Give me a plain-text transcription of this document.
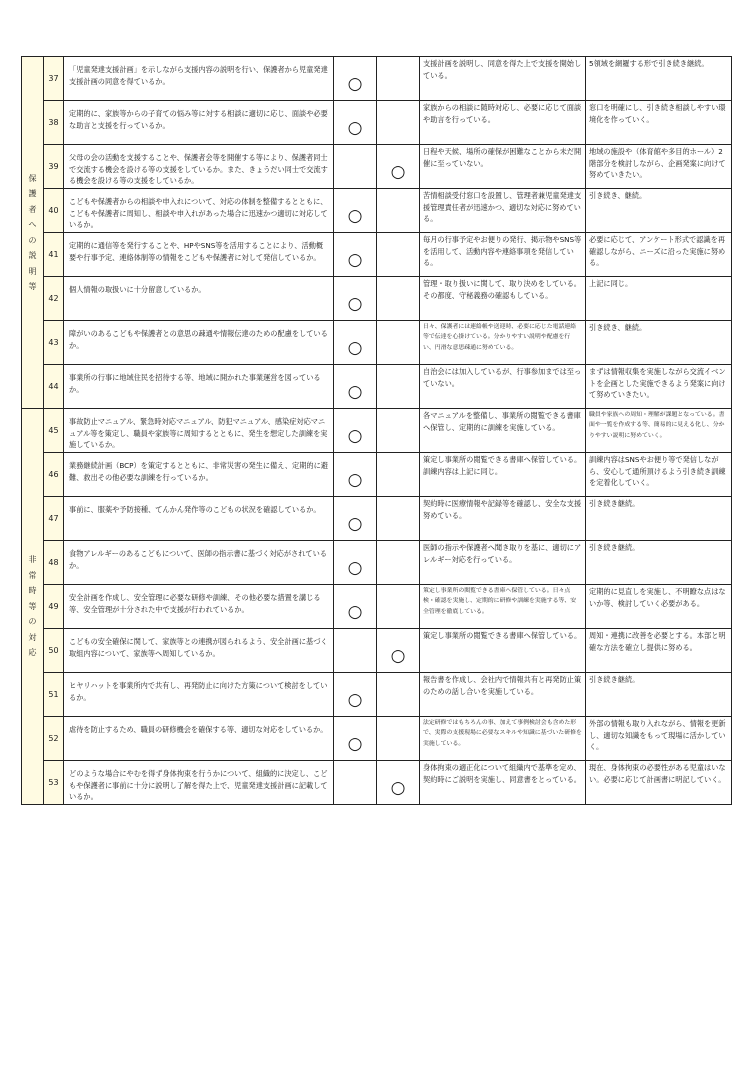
保護者への説明等	37	「児童発達支援計画」を示しながら支援内容の説明を行い、保護者から児童発達支援計画の同意を得ているか。	○		支援計画を説明し、同意を得た上で支援を開始している。	5領域を網羅する形で引き続き継続。
	38	定期的に、家族等からの子育ての悩み等に対する相談に適切に応じ、面談や必要な助言と支援を行っているか。	○		家族からの相談に随時対応し、必要に応じて面談や助言を行っている。	窓口を明確にし、引き続き相談しやすい環境化を作っていく。
	39	父母の会の活動を支援することや、保護者会等を開催する等により、保護者同士で交流する機会を設ける等の支援をしているか。また、きょうだい同士で交流する機会を設ける等の支援をしているか。		○	日程や天候、場所の確保が困難なことから未だ開催に至っていない。	地域の施設や（体育館や多目的ホール）2階部分を検討しながら、企画発案に向けて努めていきたい。
	40	こどもや保護者からの相談や申入れについて、対応の体制を整備するとともに、こどもや保護者に周知し、相談や申入れがあった場合に迅速かつ適切に対応しているか。	○		苦情相談受付窓口を設置し、管理者兼児童発達支援管理責任者が迅速かつ、適切な対応に努めている。	引き続き、継続。
	41	定期的に通信等を発行することや、HPやSNS等を活用することにより、活動概要や行事予定、連絡体制等の情報をこどもや保護者に対して発信しているか。	○		毎月の行事予定やお便りの発行、掲示物やSNS等を活用して、活動内容や連絡事項を発信している。	必要に応じて、アンケート形式で認識を再確認しながら、ニーズに沿った実施に努める。
	42	個人情報の取扱いに十分留意しているか。	○		管理・取り扱いに関して、取り決めをしている。その都度、守秘義務の確認もしている。	上記に同じ。
	43	障がいのあるこどもや保護者との意思の疎通や情報伝達のための配慮をしているか。	○		日々、保護者には連絡帳や送迎時、必要に応じた電話連絡等で伝達を心掛けている。分かりやすい説明や配慮を行い、円滑な意思疎通に努めている。	引き続き、継続。
	44	事業所の行事に地域住民を招待する等、地域に開かれた事業運営を図っているか。	○		自治会には加入しているが、行事参加までは至っていない。	まずは情報収集を実施しながら交流イベントを企画とした実施できるよう発案に向けて努めていきたい。
非常時等の対応	45	事故防止マニュアル、緊急時対応マニュアル、防犯マニュアル、感染症対応マニュアル等を策定し、職員や家族等に周知するとともに、発生を想定した訓練を実施しているか。	○		各マニュアルを整備し、事業所の閲覧できる書庫へ保管し、定期的に訓練を実施している。	職員や家族への周知・理解が課題となっている。書面や一覧を作成する等、簡易的に見える化し、分かりやすい説明に努めていく。
	46	業務継続計画（BCP）を策定するとともに、非常災害の発生に備え、定期的に避難、救出その他必要な訓練を行っているか。	○		策定し事業所の閲覧できる書庫へ保管している。訓練内容は上記に同じ。	訓練内容はSNSやお便り等で発信しながら、安心して通所頂けるよう引き続き訓練を定着化していく。
	47	事前に、服薬や予防接種、てんかん発作等のこどもの状況を確認しているか。	○		契約時に医療情報や記録等を確認し、安全な支援努めている。	引き続き継続。
	48	食物アレルギーのあるこどもについて、医師の指示書に基づく対応がされているか。	○		医師の指示や保護者へ聞き取りを基に、適切にアレルギー対応を行っている。	引き続き継続。
	49	安全計画を作成し、安全管理に必要な研修や訓練、その他必要な措置を講じる等、安全管理が十分された中で支援が行われているか。	○		策定し事業所の閲覧できる書庫へ保管している。日々点検・確認を実施し、定期的に研修や訓練を実施する等、安全管理を徹底している。	定期的に見直しを実施し、不明瞭な点はないか等、検討していく必要がある。
	50	こどもの安全確保に関して、家族等との連携が図られるよう、安全計画に基づく取組内容について、家族等へ周知しているか。		○	策定し事業所の閲覧できる書庫へ保管している。	周知・連携に改善を必要とする。本部と明確な方法を確立し提供に努める。
	51	ヒヤリハットを事業所内で共有し、再発防止に向けた方策について検討をしているか。	○		報告書を作成し、会社内で情報共有と再発防止策のための話し合いを実施している。	引き続き継続。
	52	虐待を防止するため、職員の研修機会を確保する等、適切な対応をしているか。	○		法定研修ではもちろんの事、加えて事例検討会も含めた形で、実際の支援現場に必要なスキルや知識に基づいた研修を実施している。	外部の情報も取り入れながら、情報を更新し、適切な知識をもって現場に活かしていく。
	53	どのような場合にやむを得ず身体拘束を行うかについて、組織的に決定し、こどもや保護者に事前に十分に説明し了解を得た上で、児童発達支援計画に記載しているか。		○	身体拘束の適正化について組織内で基準を定め、契約時にご説明を実施し、同意書をとっている。	現在、身体拘束の必要性がある児童はいない。必要に応じて計画書に明記していく。
